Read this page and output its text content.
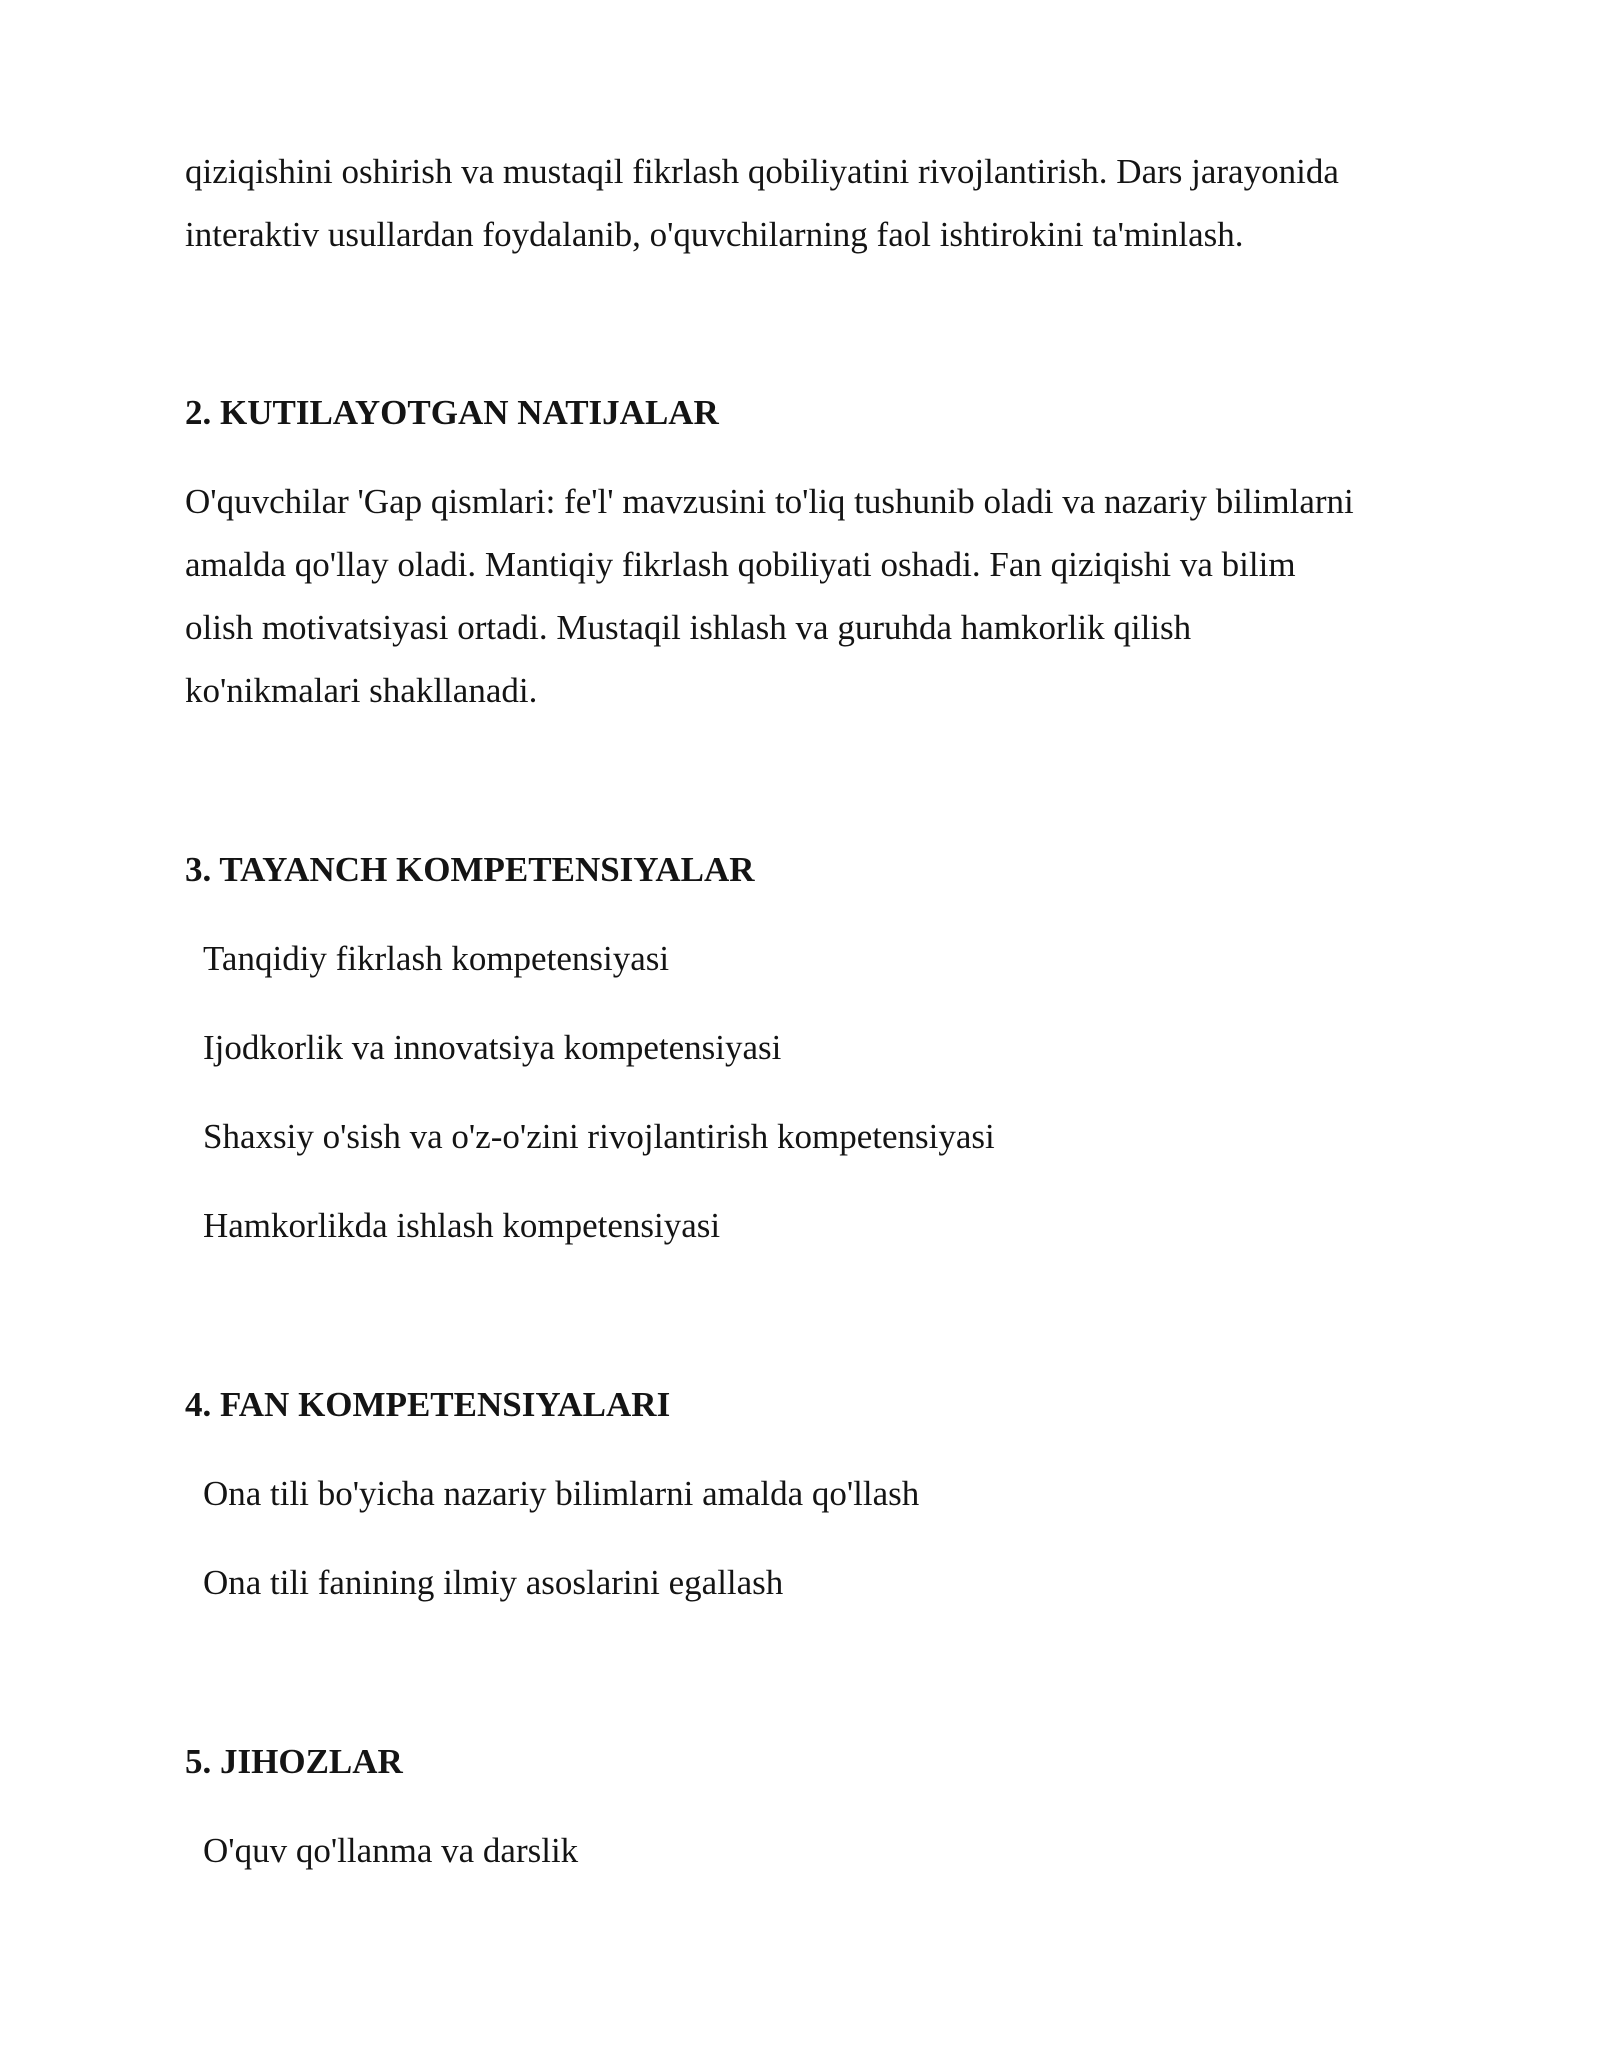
qiziqishini oshirish va mustaqil fikrlash qobiliyatini rivojlantirish. Dars jarayonida

interaktiv usullardan foydalanib, o'quvchilarning faol ishtirokini ta'minlash.

2. KUTILAYOTGAN NATIJALAR

O'quvchilar 'Gap qismlari: fe'l' mavzusini to'liq tushunib oladi va nazariy bilimlarni

amalda qo'llay oladi. Mantiqiy fikrlash qobiliyati oshadi. Fan qiziqishi va bilim

olish motivatsiyasi ortadi. Mustaqil ishlash va guruhda hamkorlik qilish

ko'nikmalari shakllanadi.

3. TAYANCH KOMPETENSIYALAR

Tanqidiy fikrlash kompetensiyasi

Ijodkorlik va innovatsiya kompetensiyasi

Shaxsiy o'sish va o'z-o'zini rivojlantirish kompetensiyasi

Hamkorlikda ishlash kompetensiyasi

4. FAN KOMPETENSIYALARI

Ona tili bo'yicha nazariy bilimlarni amalda qo'llash

Ona tili fanining ilmiy asoslarini egallash

5. JIHOZLAR

O'quv qo'llanma va darslik
